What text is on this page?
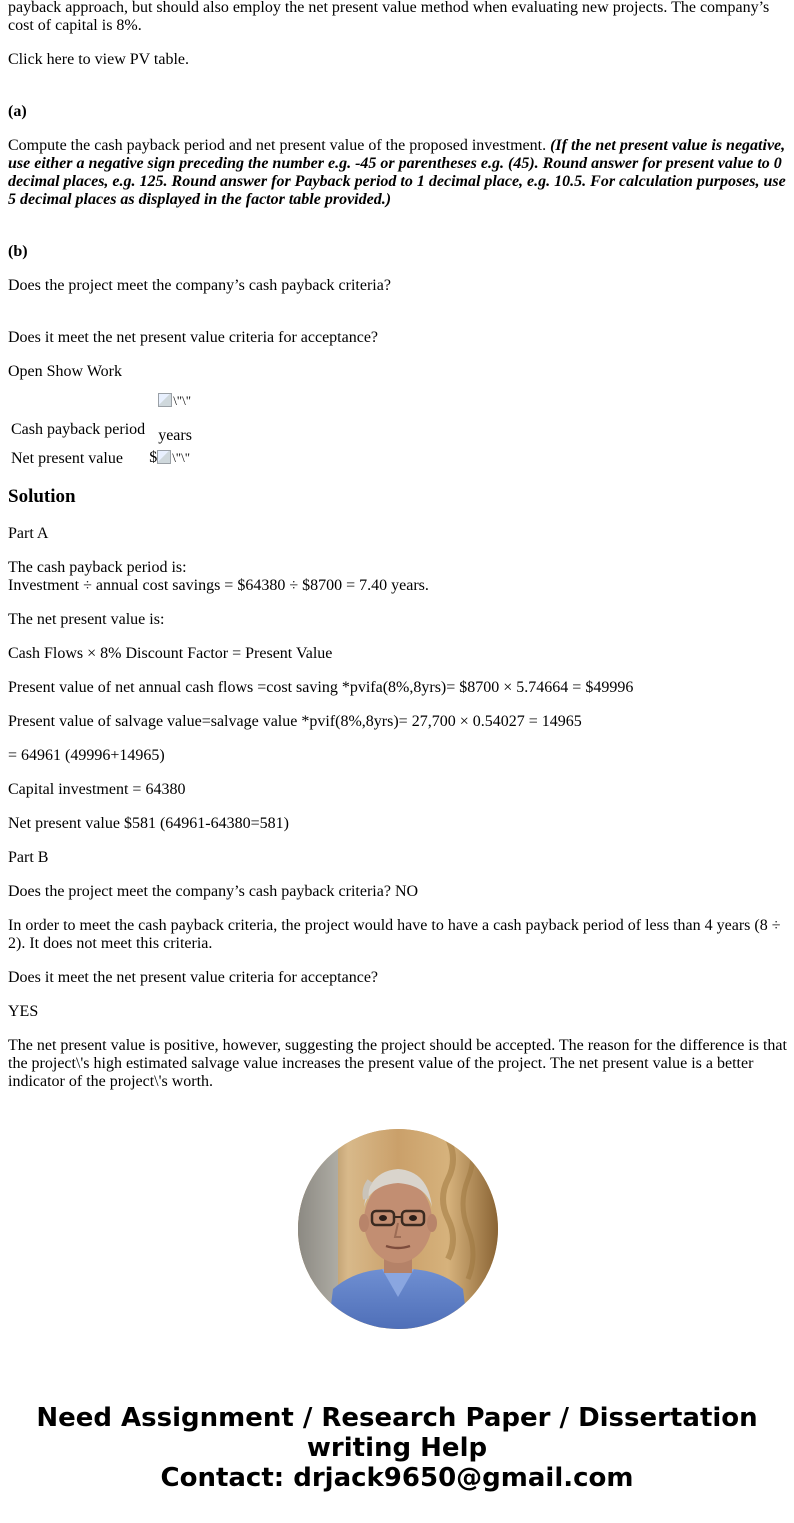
payback approach, but should also employ the net present value method when evaluating new projects. The company’s cost of capital is 8%.

Click here to view PV table.

(a)

Compute the cash payback period and net present value of the proposed investment. (If the net present value is negative, use either a negative sign preceding the number e.g. -45 or parentheses e.g. (45). Round answer for present value to 0 decimal places, e.g. 125. Round answer for Payback period to 1 decimal place, e.g. 10.5. For calculation purposes, use 5 decimal places as displayed in the factor table provided.)

(b)

Does the project meet the company’s cash payback criteria?

Does it meet the net present value criteria for acceptance?

Open Show Work

Cash payback period	\"\"
years

Net present value	$ \"\"
Solution

Part A

The cash payback period is:
Investment ÷ annual cost savings = $64380 ÷ $8700 = 7.40 years.

The net present value is:

Cash Flows × 8% Discount Factor = Present Value

Present value of net annual cash flows =cost saving *pvifa(8%,8yrs)= $8700 × 5.74664 = $49996

Present value of salvage value=salvage value *pvif(8%,8yrs)= 27,700 × 0.54027 = 14965

= 64961 (49996+14965)

Capital investment = 64380

Net present value $581 (64961-64380=581)

Part B

Does the project meet the company’s cash payback criteria? NO

In order to meet the cash payback criteria, the project would have to have a cash payback period of less than 4 years (8 ÷ 2). It does not meet this criteria.

Does it meet the net present value criteria for acceptance?

YES

The net present value is positive, however, suggesting the project should be accepted. The reason for the difference is that the project\'s high estimated salvage value increases the present value of the project. The net present value is a better indicator of the project\'s worth.

Need Assignment / Research Paper / Dissertation writing Help
Contact: drjack9650@gmail.com
